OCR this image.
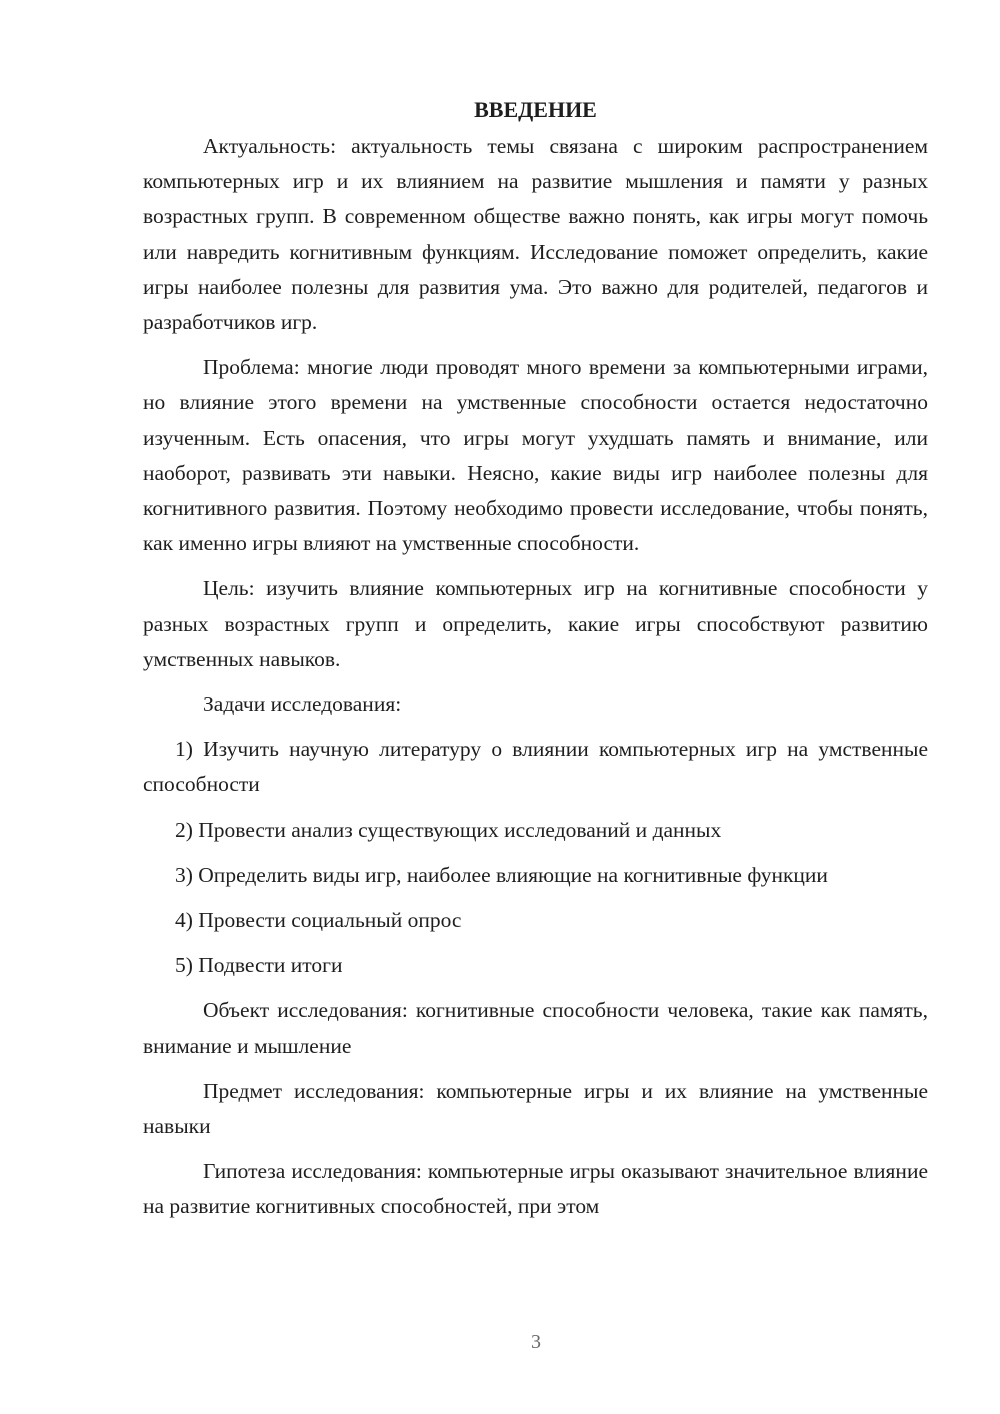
ВВЕДЕНИЕ

Актуальность: актуальность темы связана с широким распространением компьютерных игр и их влиянием на развитие мышления и памяти у разных возрастных групп. В современном обществе важно понять, как игры могут помочь или навредить когнитивным функциям. Исследование поможет определить, какие игры наиболее полезны для развития ума. Это важно для родителей, педагогов и разработчиков игр.

Проблема: многие люди проводят много времени за компьютерными играми, но влияние этого времени на умственные способности остается недостаточно изученным. Есть опасения, что игры могут ухудшать память и внимание, или наоборот, развивать эти навыки. Неясно, какие виды игр наиболее полезны для когнитивного развития. Поэтому необходимо провести исследование, чтобы понять, как именно игры влияют на умственные способности.

Цель: изучить влияние компьютерных игр на когнитивные способности у разных возрастных групп и определить, какие игры способствуют развитию умственных навыков.

Задачи исследования:

1) Изучить научную литературу о влиянии компьютерных игр на умственные способности

2) Провести анализ существующих исследований и данных

3) Определить виды игр, наиболее влияющие на когнитивные функции

4) Провести социальный опрос

5) Подвести итоги

Объект исследования: когнитивные способности человека, такие как память, внимание и мышление

Предмет исследования: компьютерные игры и их влияние на умственные навыки

Гипотеза исследования: компьютерные игры оказывают значительное влияние на развитие когнитивных способностей, при этом

3
